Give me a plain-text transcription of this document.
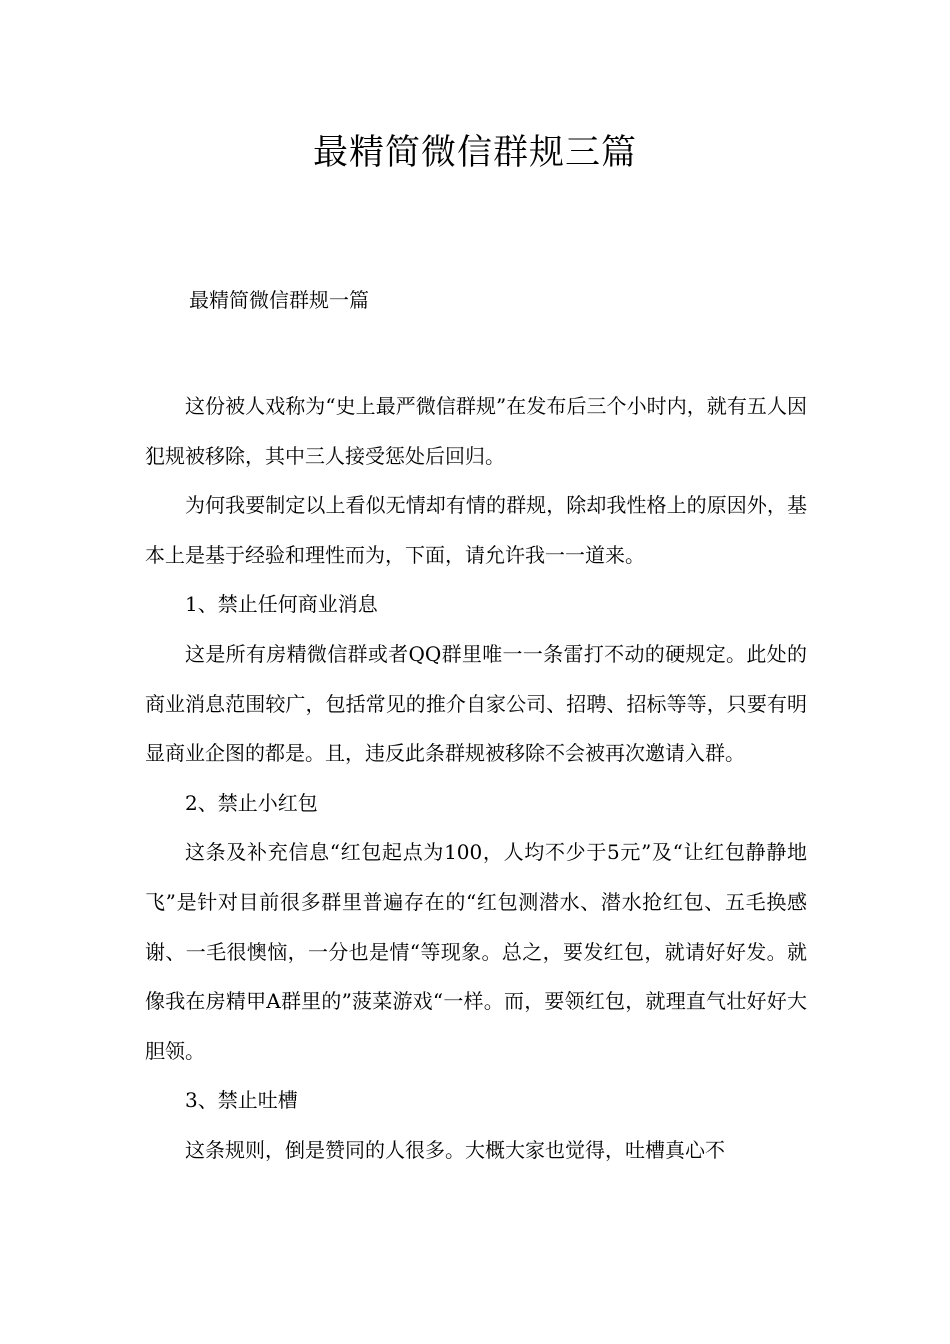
最精简微信群规三篇

最精简微信群规一篇

这份被人戏称为“史上最严微信群规”在发布后三个小时内，就有五人因犯规被移除，其中三人接受惩处后回归。

为何我要制定以上看似无情却有情的群规，除却我性格上的原因外，基本上是基于经验和理性而为，下面，请允许我一一道来。

1、禁止任何商业消息

这是所有房精微信群或者QQ群里唯一一条雷打不动的硬规定。此处的商业消息范围较广，包括常见的推介自家公司、招聘、招标等等，只要有明显商业企图的都是。且，违反此条群规被移除不会被再次邀请入群。

2、禁止小红包

这条及补充信息“红包起点为100，人均不少于5元”及“让红包静静地飞”是针对目前很多群里普遍存在的“红包测潜水、潜水抢红包、五毛换感谢、一毛很懊恼，一分也是情“等现象。总之，要发红包，就请好好发。就像我在房精甲A群里的”菠菜游戏“一样。而，要领红包，就理直气壮好好大胆领。

3、禁止吐槽

这条规则，倒是赞同的人很多。大概大家也觉得，吐槽真心不
